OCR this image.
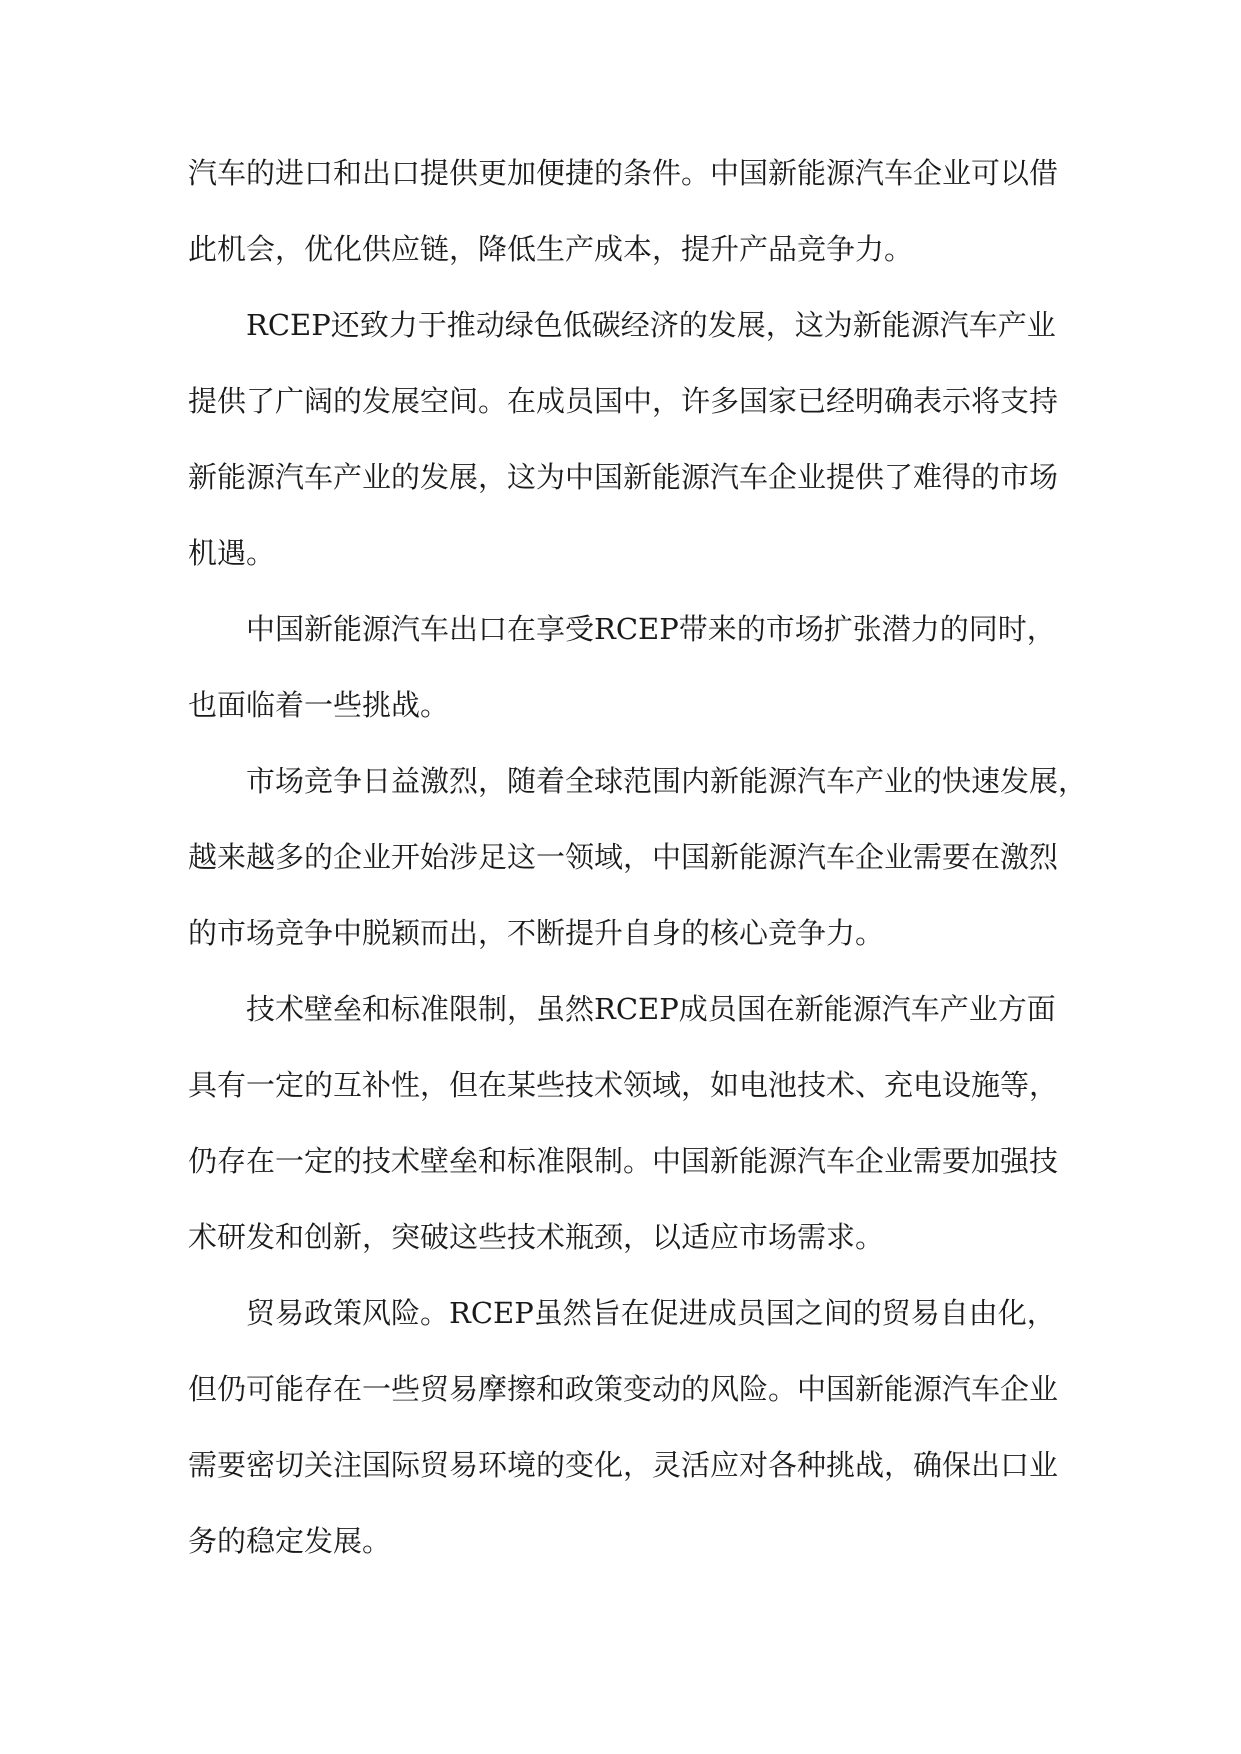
汽车的进口和出口提供更加便捷的条件。中国新能源汽车企业可以借
此机会，优化供应链，降低生产成本，提升产品竞争力。
RCEP还致力于推动绿色低碳经济的发展，这为新能源汽车产业
提供了广阔的发展空间。在成员国中，许多国家已经明确表示将支持
新能源汽车产业的发展，这为中国新能源汽车企业提供了难得的市场
机遇。
中国新能源汽车出口在享受RCEP带来的市场扩张潜力的同时，
也面临着一些挑战。
市场竞争日益激烈，随着全球范围内新能源汽车产业的快速发展，
越来越多的企业开始涉足这一领域，中国新能源汽车企业需要在激烈
的市场竞争中脱颖而出，不断提升自身的核心竞争力。
技术壁垒和标准限制，虽然RCEP成员国在新能源汽车产业方面
具有一定的互补性，但在某些技术领域，如电池技术、充电设施等，
仍存在一定的技术壁垒和标准限制。中国新能源汽车企业需要加强技
术研发和创新，突破这些技术瓶颈，以适应市场需求。
贸易政策风险。RCEP虽然旨在促进成员国之间的贸易自由化，
但仍可能存在一些贸易摩擦和政策变动的风险。中国新能源汽车企业
需要密切关注国际贸易环境的变化，灵活应对各种挑战，确保出口业
务的稳定发展。
